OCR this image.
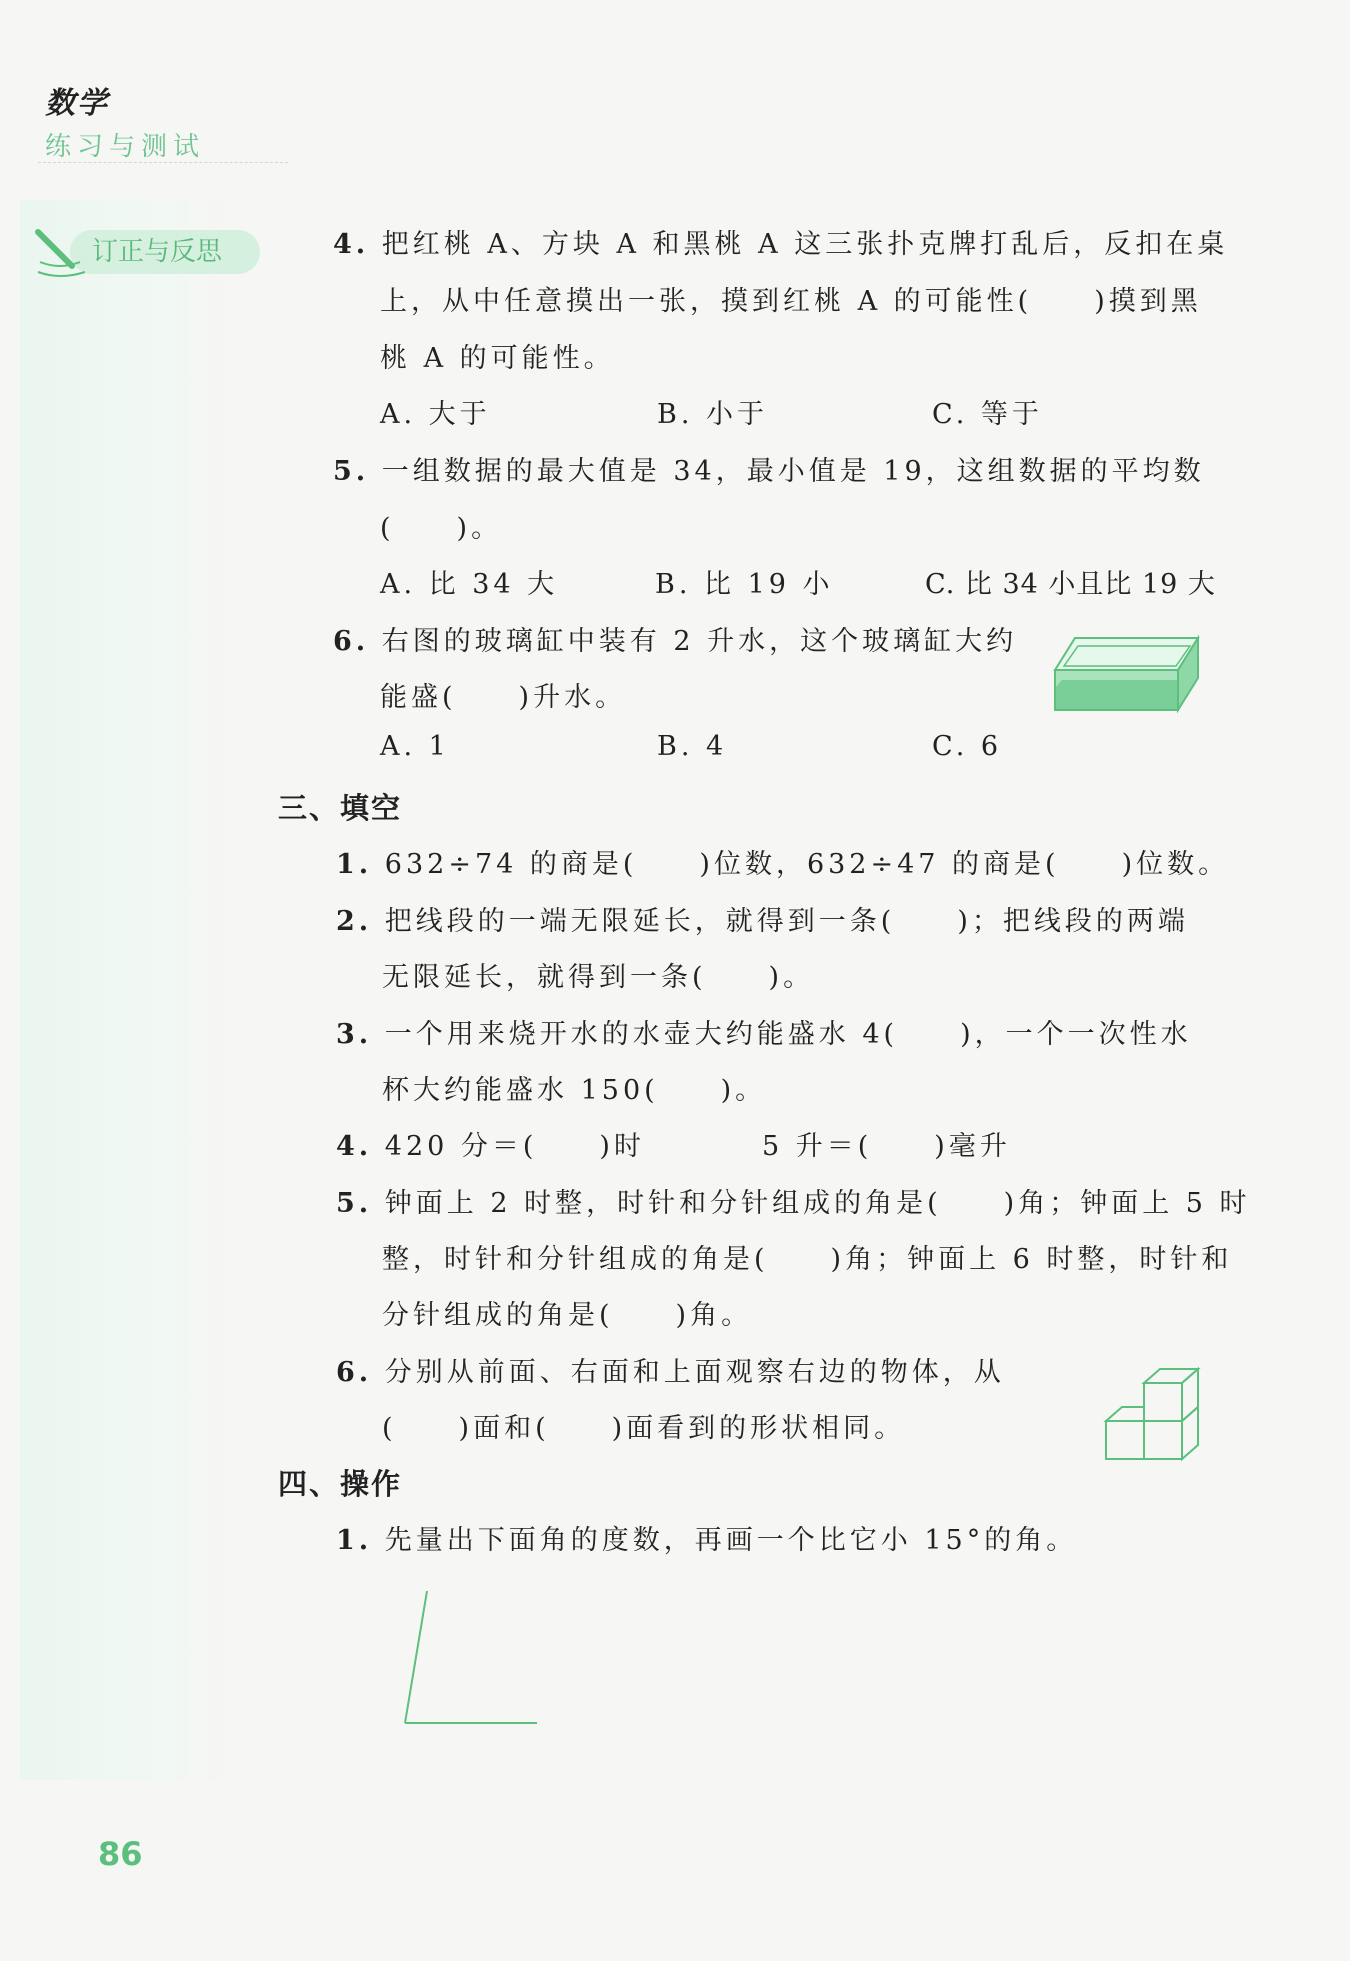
数学
练习与测试
订正与反思	4. 把红桃 A、方块 A 和黑桃 A 这三张扑克牌打乱后，反扣在桌
上，从中任意摸出一张，摸到红桃 A 的可能性(　　)摸到黑
桃 A 的可能性。
A. 大于	B. 小于	C. 等于
5. 一组数据的最大值是 34，最小值是 19，这组数据的平均数
(　　)。
A. 比 34 大	B. 比 19 小	C. 比 34 小且比 19 大
6. 右图的玻璃缸中装有 2 升水，这个玻璃缸大约
能盛(　　)升水。
A. 1	B. 4	C. 6
三、填空
1. 632÷74 的商是(　　)位数，632÷47 的商是(　　)位数。
2. 把线段的一端无限延长，就得到一条(　　)；把线段的两端
无限延长，就得到一条(　　)。
3. 一个用来烧开水的水壶大约能盛水 4(　　)，一个一次性水
杯大约能盛水 150(　　)。
4. 420 分＝(　　)时	5 升＝(　　)毫升
5. 钟面上 2 时整，时针和分针组成的角是(　　)角；钟面上 5 时
整，时针和分针组成的角是(　　)角；钟面上 6 时整，时针和
分针组成的角是(　　)角。
6. 分别从前面、右面和上面观察右边的物体，从
(　　)面和(　　)面看到的形状相同。
四、操作
1. 先量出下面角的度数，再画一个比它小 15°的角。
86
